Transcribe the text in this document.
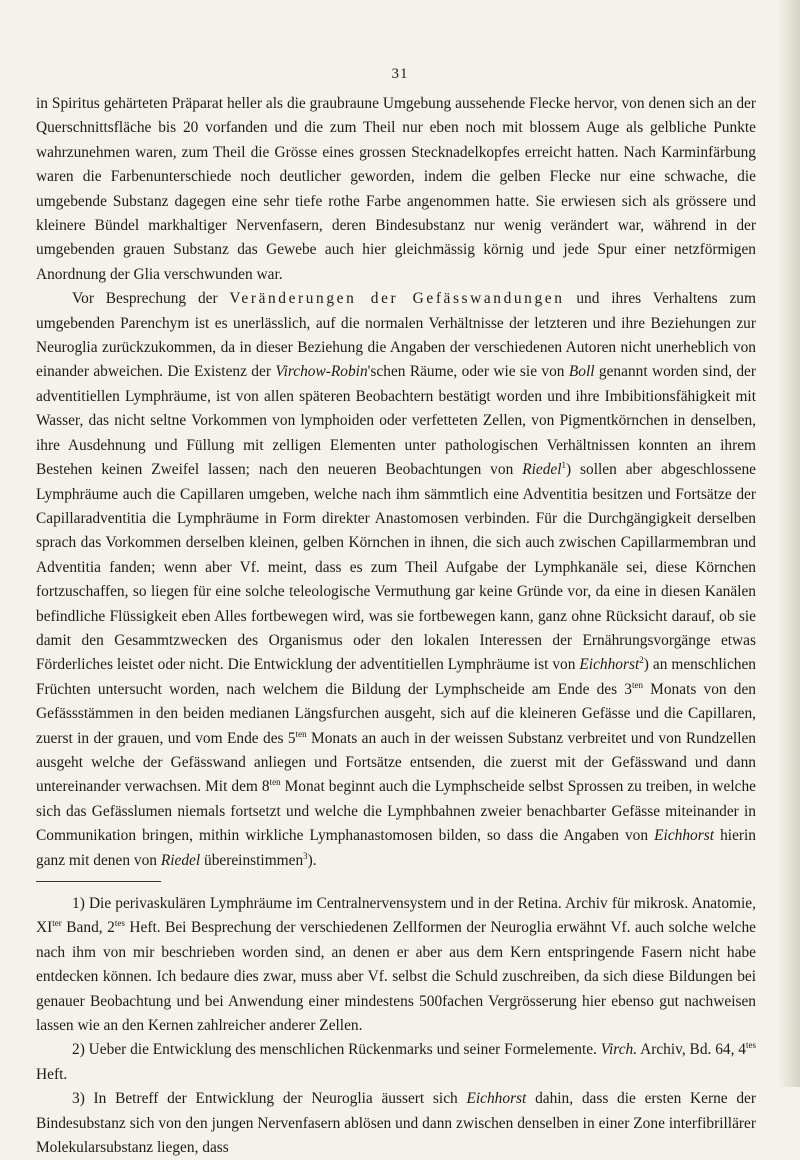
31

in Spiritus gehärteten Präparat heller als die graubraune Umgebung aussehende Flecke hervor, von denen sich an der Querschnittsfläche bis 20 vorfanden und die zum Theil nur eben noch mit blossem Auge als gelbliche Punkte wahrzunehmen waren, zum Theil die Grösse eines grossen Stecknadelkopfes erreicht hatten. Nach Karminfärbung waren die Farbenunterschiede noch deutlicher geworden, indem die gelben Flecke nur eine schwache, die umgebende Substanz dagegen eine sehr tiefe rothe Farbe angenommen hatte. Sie erwiesen sich als grössere und kleinere Bündel markhaltiger Nervenfasern, deren Bindesubstanz nur wenig verändert war, während in der umgebenden grauen Substanz das Gewebe auch hier gleichmässig körnig und jede Spur einer netzförmigen Anordnung der Glia verschwunden war.

Vor Besprechung der Veränderungen der Gefässwandungen und ihres Verhaltens zum umgebenden Parenchym ist es unerlässlich, auf die normalen Verhältnisse der letzteren und ihre Beziehungen zur Neuroglia zurückzukommen, da in dieser Beziehung die Angaben der verschiedenen Autoren nicht unerheblich von einander abweichen. Die Existenz der Virchow-Robin'schen Räume, oder wie sie von Boll genannt worden sind, der adventitiellen Lymphräume, ist von allen späteren Beobachtern bestätigt worden und ihre Imbibitionsfähigkeit mit Wasser, das nicht seltne Vorkommen von lymphoiden oder verfetteten Zellen, von Pigmentkörnchen in denselben, ihre Ausdehnung und Füllung mit zelligen Elementen unter pathologischen Verhältnissen konnten an ihrem Bestehen keinen Zweifel lassen; nach den neueren Beobachtungen von Riedel$^1$) sollen aber abgeschlossene Lymphräume auch die Capillaren umgeben, welche nach ihm sämmtlich eine Adventitia besitzen und Fortsätze der Capillaradventitia die Lymphräume in Form direkter Anastomosen verbinden. Für die Durchgängigkeit derselben sprach das Vorkommen derselben kleinen, gelben Körnchen in ihnen, die sich auch zwischen Capillarmembran und Adventitia fanden; wenn aber Vf. meint, dass es zum Theil Aufgabe der Lymphkanäle sei, diese Körnchen fortzuschaffen, so liegen für eine solche teleologische Vermuthung gar keine Gründe vor, da eine in diesen Kanälen befindliche Flüssigkeit eben Alles fortbewegen wird, was sie fortbewegen kann, ganz ohne Rücksicht darauf, ob sie damit den Gesammtzwecken des Organismus oder den lokalen Interessen der Ernährungsvorgänge etwas Förderliches leistet oder nicht. Die Entwicklung der adventitiellen Lymphräume ist von Eichhorst$^2$) an menschlichen Früchten untersucht worden, nach welchem die Bildung der Lymphscheide am Ende des $3^{ten}$ Monats von den Gefässstämmen in den beiden medianen Längsfurchen ausgeht, sich auf die kleineren Gefässe und die Capillaren, zuerst in der grauen, und vom Ende des $5^{ten}$ Monats an auch in der weissen Substanz verbreitet und von Rundzellen ausgeht welche der Gefässwand anliegen und Fortsätze entsenden, die zuerst mit der Gefässwand und dann untereinander verwachsen. Mit dem $8^{ten}$ Monat beginnt auch die Lymphscheide selbst Sprossen zu treiben, in welche sich das Gefässlumen niemals fortsetzt und welche die Lymphbahnen zweier benachbarter Gefässe miteinander in Communikation bringen, mithin wirkliche Lymphanastomosen bilden, so dass die Angaben von Eichhorst hierin ganz mit denen von Riedel übereinstimmen$^3$).

1) Die perivaskulären Lymphräume im Centralnervensystem und in der Retina. Archiv für mikrosk. Anatomie, $XI^{ter}$ Band, $2^{tes}$ Heft. Bei Besprechung der verschiedenen Zellformen der Neuroglia erwähnt Vf. auch solche welche nach ihm von mir beschrieben worden sind, an denen er aber aus dem Kern entspringende Fasern nicht habe entdecken können. Ich bedaure dies zwar, muss aber Vf. selbst die Schuld zuschreiben, da sich diese Bildungen bei genauer Beobachtung und bei Anwendung einer mindestens 500fachen Vergrösserung hier ebenso gut nachweisen lassen wie an den Kernen zahlreicher anderer Zellen.

2) Ueber die Entwicklung des menschlichen Rückenmarks und seiner Formelemente. Virch. Archiv, Bd. 64, $4^{tes}$ Heft.

3) In Betreff der Entwicklung der Neuroglia äussert sich Eichhorst dahin, dass die ersten Kerne der Bindesubstanz sich von den jungen Nervenfasern ablösen und dann zwischen denselben in einer Zone interfibrillärer Molekularsubstanz liegen, dass
